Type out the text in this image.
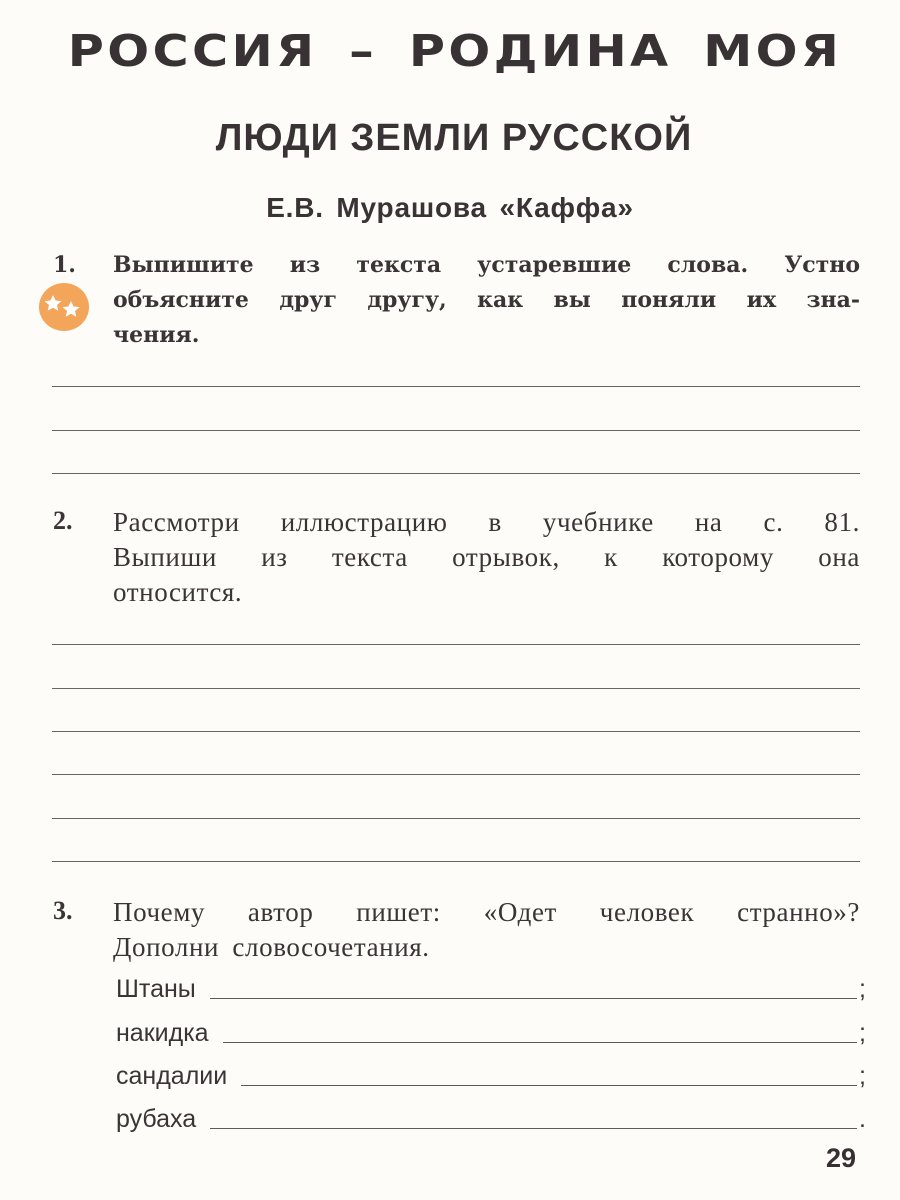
РОССИЯ – РОДИНА МОЯ
ЛЮДИ ЗЕМЛИ РУССКОЙ
Е.В. Мурашова «Каффа»
1. Выпишите из текста устаревшие слова. Устно
объясните друг другу, как вы поняли их зна-
чения.
2. Рассмотри иллюстрацию в учебнике на с. 81.
Выпиши из текста отрывок, к которому она
относится.
3. Почему автор пишет: «Одет человек странно»?
Дополни словосочетания.
Штаны	;
накидка	;
сандалии	;
рубаха	.
29
